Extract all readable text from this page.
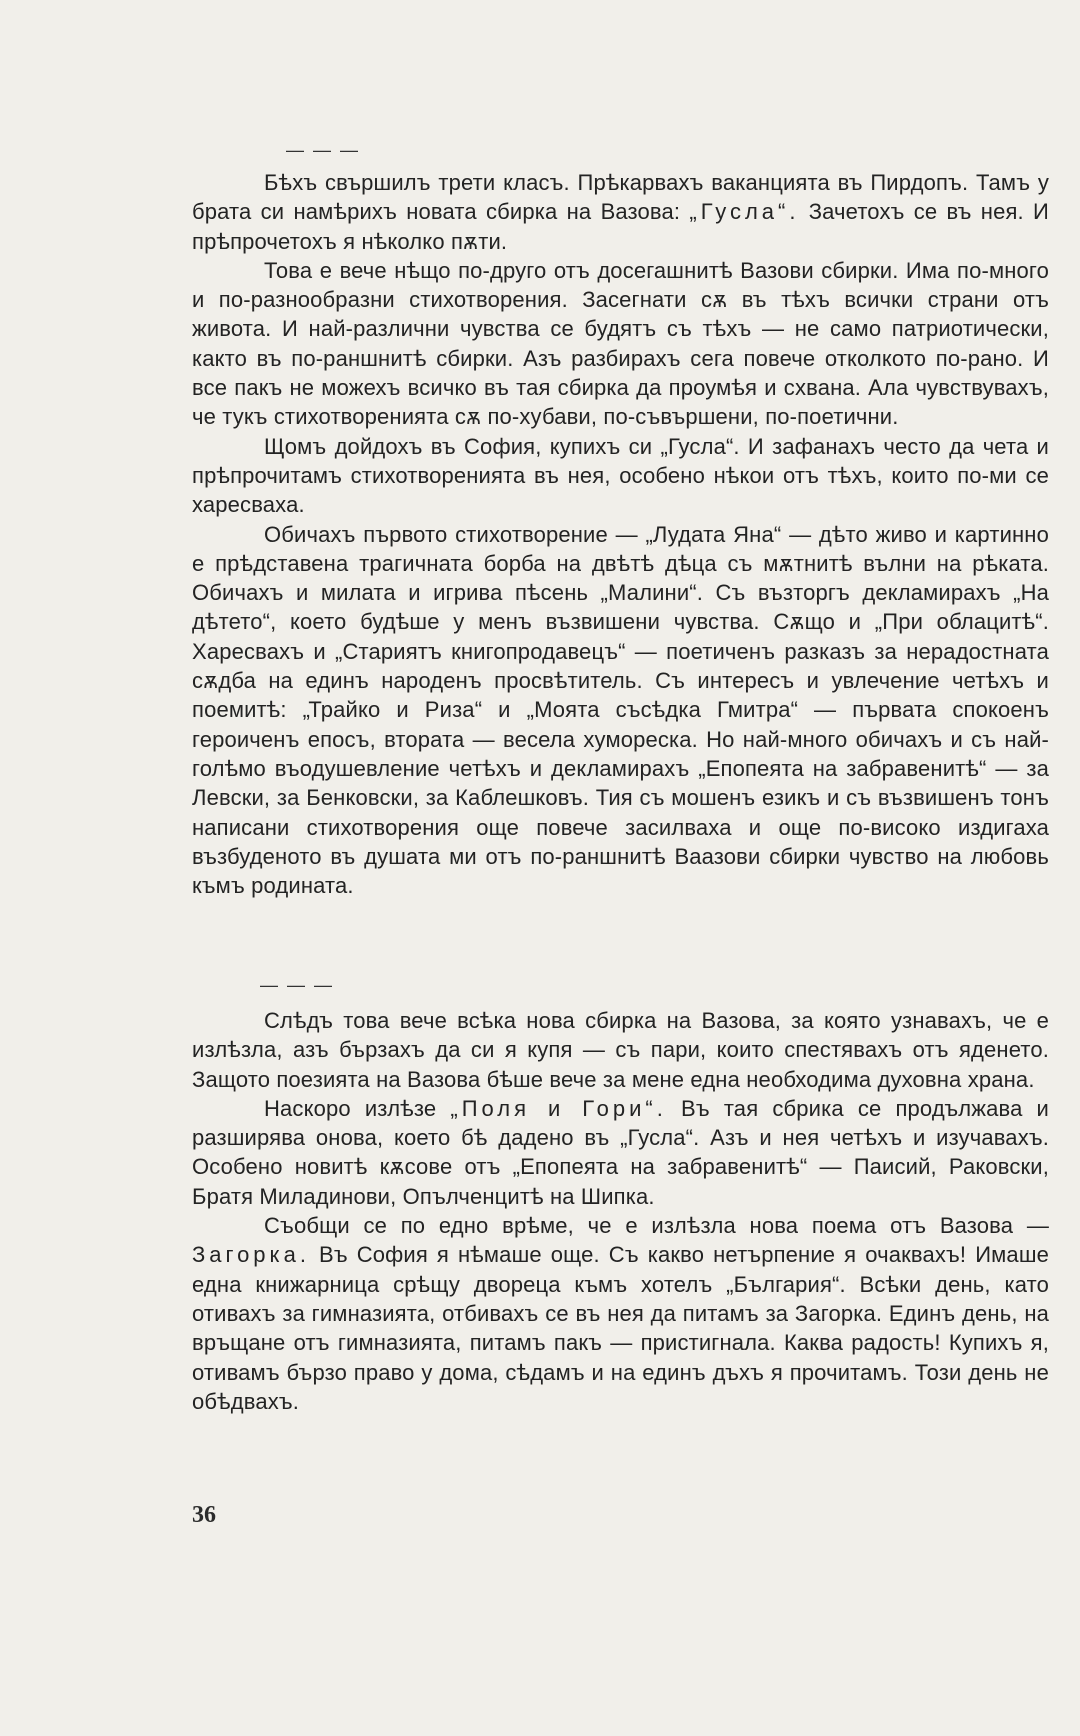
— — —

Бѣхъ свършилъ трети класъ. Прѣкарвахъ ваканцията въ Пирдопъ. Тамъ у брата си намѣрихъ новата сбирка на Вазова: „Гусла“. Зачетохъ се въ нея. И прѣпрочетохъ я нѣколко пѫти.

Това е вече нѣщо по-друго отъ досегашнитѣ Вазови сбирки. Има по-много и по-разнообразни стихотворения. Засегнати сѫ въ тѣхъ всички страни отъ живота. И най-различни чувства се будятъ съ тѣхъ — не само патриотически, както въ по-раншнитѣ сбирки. Азъ разбирахъ сега повече отколкото по-рано. И все пакъ не можехъ всичко въ тая сбирка да проумѣя и схвана. Ала чувствувахъ, че тукъ стихотворенията сѫ по-хубави, по-съвършени, по-поетични.

Щомъ дойдохъ въ София, купихъ си „Гусла“. И зафанахъ често да чета и прѣпрочитамъ стихотворенията въ нея, особено нѣкои отъ тѣхъ, които по-ми се харесваха.

Обичахъ първото стихотворение — „Лудата Яна“ — дѣто живо и картинно е прѣдставена трагичната борба на двѣтѣ дѣца съ мѫтнитѣ вълни на рѣката. Обичахъ и милата и игрива пѣсень „Малини“. Съ възторгъ декламирахъ „На дѣтето“, което будѣше у менъ възвишени чувства. Сѫщо и „При облацитѣ“. Харесвахъ и „Стариятъ книгопродавецъ“ — поетиченъ разказъ за нерадостната сѫдба на единъ народенъ просвѣтитель. Съ интересъ и увлечение четѣхъ и поемитѣ: „Трайко и Риза“ и „Моята съсѣдка Гмитра“ — първата спокоенъ героиченъ епосъ, втората — весела хумореска. Но най-много обичахъ и съ най-голѣмо въодушевление четѣхъ и декламирахъ „Епопеята на забравенитѣ“ — за Левски, за Бенковски, за Каблешковъ. Тия съ мошенъ езикъ и съ възвишенъ тонъ написани стихотворения още повече засилваха и още по-високо издигаха възбуденото въ душата ми отъ по-раншнитѣ Ваазови сбирки чувство на любовь къмъ родината.

— — —

Слѣдъ това вече всѣка нова сбирка на Вазова, за която узнавахъ, че е излѣзла, азъ бързахъ да си я купя — съ пари, които спестявахъ отъ яденето. Защото поезията на Вазова бѣше вече за мене една необходима духовна храна.

Наскоро излѣзе „Поля и Гори“. Въ тая сбрика се продължава и разширява онова, което бѣ дадено въ „Гусла“. Азъ и нея четѣхъ и изучавахъ. Особено новитѣ кѫсове отъ „Епопеята на забравенитѣ“ — Паисий, Раковски, Братя Миладинови, Опълченцитѣ на Шипка.

Съобщи се по едно врѣме, че е излѣзла нова поема отъ Вазова — Загорка. Въ София я нѣмаше още. Съ какво нетърпение я очаквахъ! Имаше една книжарница срѣщу двореца къмъ хотелъ „България“. Всѣки день, като отивахъ за гимназията, отбивахъ се въ нея да питамъ за Загорка. Единъ день, на връщане отъ гимназията, питамъ пакъ — пристигнала. Каква радость! Купихъ я, отивамъ бързо право у дома, сѣдамъ и на единъ дъхъ я прочитамъ. Този день не обѣдвахъ.

36
